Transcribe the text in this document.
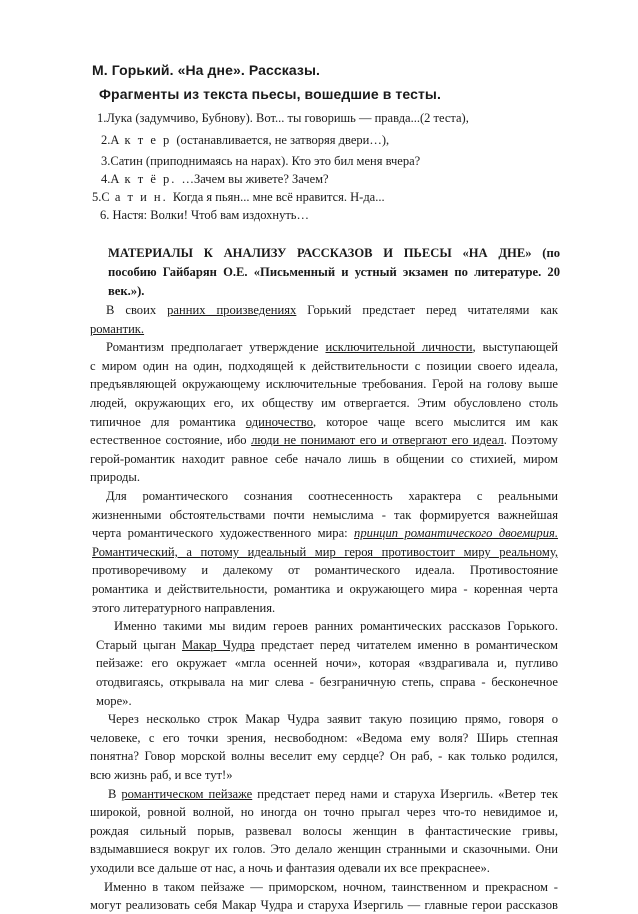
М. Горький. «На дне». Рассказы.
Фрагменты из текста пьесы, вошедшие в тесты.
1.Лука (задумчиво, Бубнову). Вот... ты говоришь — правда...(2 теста),
2.А к т е р (останавливается, не затворяя двери…),
3.Сатин (приподнимаясь на нарах). Кто это бил меня вчера?
4.А к т ё р. …Зачем вы живете? Зачем?
5.С а т и н. Когда я пьян... мне всё нравится. Н-да...
6. Настя: Волки! Чтоб вам издохнуть…
МАТЕРИАЛЫ К АНАЛИЗУ РАССКАЗОВ И ПЬЕСЫ «НА ДНЕ» (по
пособию Гайбарян О.Е. «Письменный и устный экзамен по литературе. 20
век.»).
В своих ранних произведениях Горький предстает перед читателями как
романтик.
Романтизм предполагает утверждение исключительной личности, выступающей
с миром один на один, подходящей к действительности с позиции своего идеала,
предъявляющей окружающему исключительные требования. Герой на голову выше
людей, окружающих его, их обществу им отвергается. Этим обусловлено столь
типичное для романтика одиночество, которое чаще всего мыслится им как
естественное состояние, ибо люди не понимают его и отвергают его идеал. Поэтому
герой-романтик находит равное себе начало лишь в общении со стихией, миром
природы.
Для романтического сознания соотнесенность характера с реальными
жизненными обстоятельствами почти немыслима - так формируется важнейшая
черта романтического художественного мира: принцип романтического двоемирия.
Романтический, а потому идеальный мир героя противостоит миру реальному,
противоречивому и далекому от романтического идеала. Противостояние
романтика и действительности, романтика и окружающего мира - коренная черта
этого литературного направления.
Именно такими мы видим героев ранних романтических рассказов Горького.
Старый цыган Макар Чудра предстает перед читателем именно в романтическом
пейзаже: его окружает «мгла осенней ночи», которая «вздрагивала и, пугливо
отодвигаясь, открывала на миг слева - безграничную степь, справа - бесконечное
море».
Через несколько строк Макар Чудра заявит такую позицию прямо, говоря о
человеке, с его точки зрения, несвободном: «Ведома ему воля? Ширь степная
понятна? Говор морской волны веселит ему сердце? Он раб, - как только родился,
всю жизнь раб, и все тут!»
В романтическом пейзаже предстает перед нами и старуха Изергиль. «Ветер тек
широкой, ровной волной, но иногда он точно прыгал через что-то невидимое и,
рождая сильный порыв, развевал волосы женщин в фантастические гривы,
вздымавшиеся вокруг их голов. Это делало женщин странными и сказочными. Они
уходили все дальше от нас, а ночь и фантазия одевали их все прекраснее».
Именно в таком пейзаже — приморском, ночном, таинственном и прекрасном -
могут реализовать себя Макар Чудра и старуха Изергиль — главные герои рассказов
